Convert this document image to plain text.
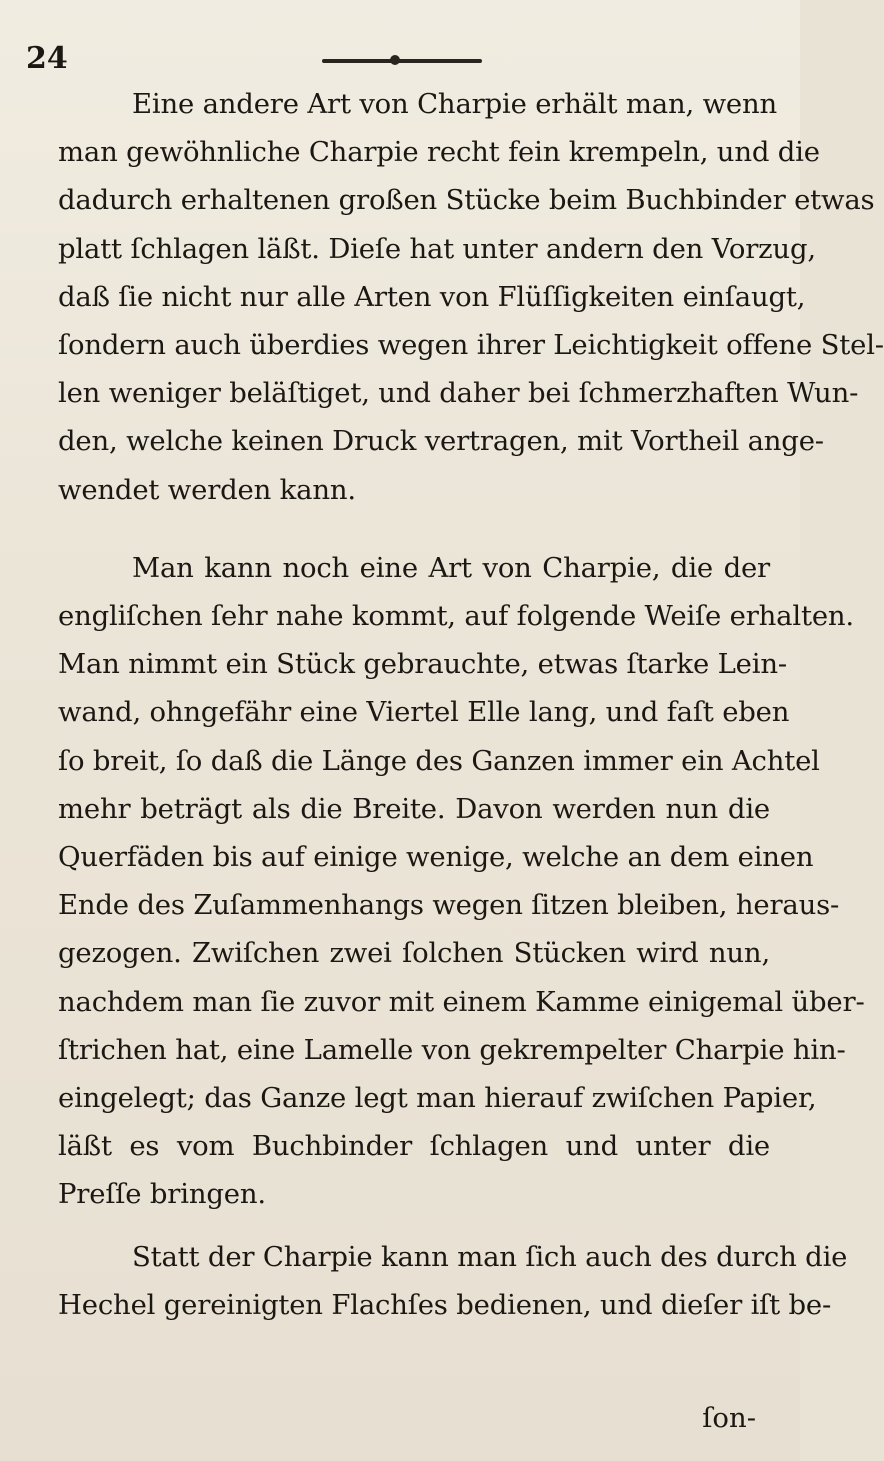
24
Eine andere Art von Charpie erhält man, wenn
man gewöhnliche Charpie recht fein krempeln, und die
dadurch erhaltenen großen Stücke beim Buchbinder etwas
platt ſchlagen läßt. Dieſe hat unter andern den Vorzug,
daß ſie nicht nur alle Arten von Flüſſigkeiten einſaugt,
ſondern auch überdies wegen ihrer Leichtigkeit offene Stel-
len weniger beläſtiget, und daher bei ſchmerzhaften Wun-
den, welche keinen Druck vertragen, mit Vortheil ange-
wendet werden kann.
Man kann noch eine Art von Charpie, die der
engliſchen ſehr nahe kommt, auf folgende Weiſe erhalten.
Man nimmt ein Stück gebrauchte, etwas ſtarke Lein-
wand, ohngefähr eine Viertel Elle lang, und faſt eben
ſo breit, ſo daß die Länge des Ganzen immer ein Achtel
mehr beträgt als die Breite. Davon werden nun die
Querfäden bis auf einige wenige, welche an dem einen
Ende des Zuſammenhangs wegen ſitzen bleiben, heraus-
gezogen. Zwiſchen zwei ſolchen Stücken wird nun,
nachdem man ſie zuvor mit einem Kamme einigemal über-
ſtrichen hat, eine Lamelle von gekrempelter Charpie hin-
eingelegt; das Ganze legt man hierauf zwiſchen Papier,
läßt es vom Buchbinder ſchlagen und unter die
Preſſe bringen.
Statt der Charpie kann man ſich auch des durch die
Hechel gereinigten Flachſes bedienen, und dieſer iſt be-
ſon-
